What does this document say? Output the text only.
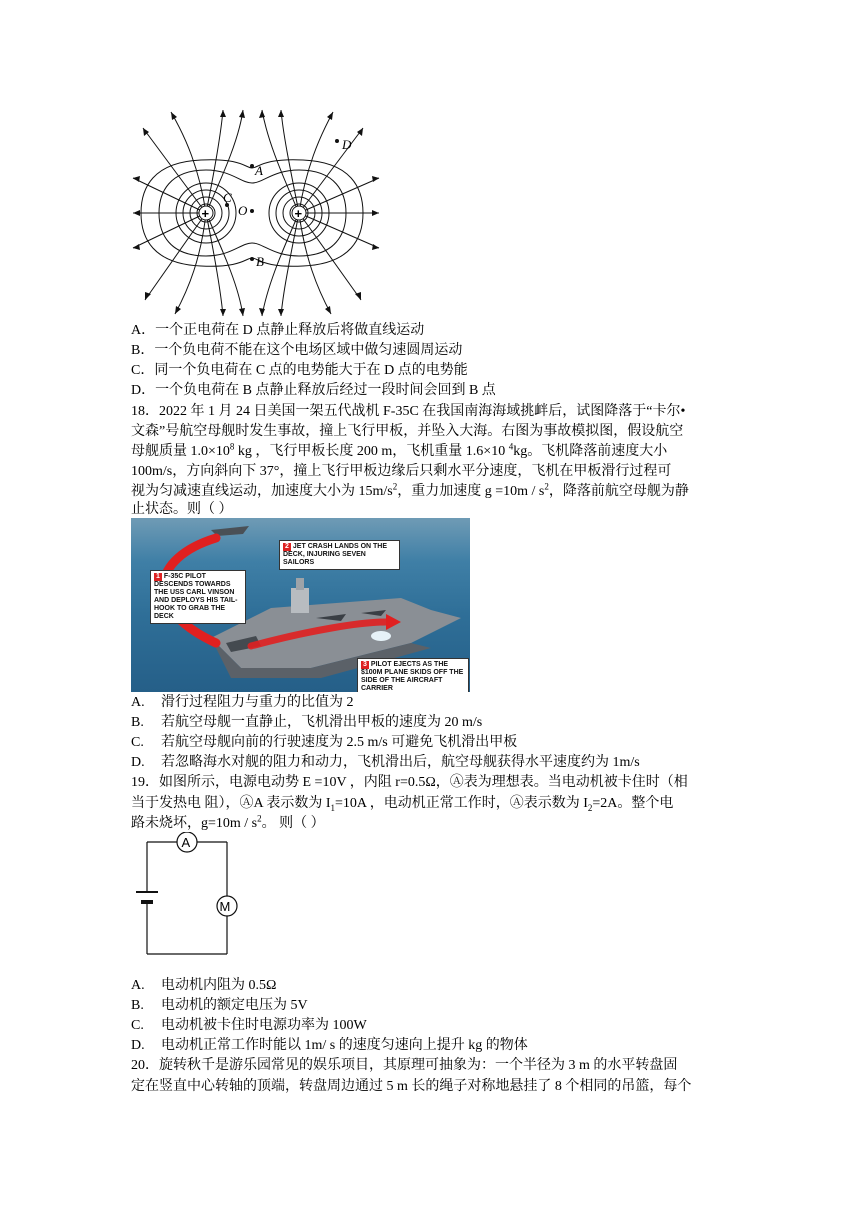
+	+
D
A
C
O
B
A．一个正电荷在 D 点静止释放后将做直线运动
B．一个负电荷不能在这个电场区域中做匀速圆周运动
C．同一个负电荷在 C 点的电势能大于在 D 点的电势能
D．一个负电荷在 B 点静止释放后经过一段时间会回到 B 点
18．2022 年 1 月 24 日美国一架五代战机 F-35C 在我国南海海域挑衅后，试图降落于“卡尔•
文森”号航空母舰时发生事故，撞上飞行甲板，并坠入大海。右图为事故模拟图，假设航空
母舰质量 $1.0\times 10^8$ kg ，飞行甲板长度 200 m，飞机重量 1.6×10 $^4$kg。飞机降落前速度大小
100m/s，方向斜向下 37°，撞上飞行甲板边缘后只剩水平分速度，飞机在甲板滑行过程可
视为匀减速直线运动，加速度大小为 $15m/s^2$，重力加速度 $g =10m / s^2$，降落前航空母舰为静
止状态。则（ ）
1 F-35C PILOT DESCENDS TOWARDS THE USS CARL VINSON AND DEPLOYS HIS TAIL-HOOK TO GRAB THE DECK
2 JET CRASH LANDS ON THE DECK, INJURING SEVEN SAILORS
3 PILOT EJECTS AS THE $100M PLANE SKIDS OFF THE SIDE OF THE AIRCRAFT CARRIER
A. 滑行过程阻力与重力的比值为 2
B. 若航空母舰一直静止，飞机滑出甲板的速度为 20 m/s
C. 若航空母舰向前的行驶速度为 2.5 m/s 可避免飞机滑出甲板
D. 若忽略海水对舰的阻力和动力，飞机滑出后，航空母舰获得水平速度约为 1m/s
19．如图所示，电源电动势 E =10V ，内阻 r=0.5Ω，Ⓐ表为理想表。当电动机被卡住时（相
当于发热电 阻），ⒶA 表示数为 $I_1=10A$ ，电动机正常工作时，Ⓐ表示数为 $I_2=2A$。整个电
路未烧坏，$g=10m / s^2$。 则（ ）
A
M
A. 电动机内阻为 0.5Ω
B. 电动机的额定电压为 5V
C. 电动机被卡住时电源功率为 100W
D. 电动机正常工作时能以 1m/ s 的速度匀速向上提升 kg 的物体
20．旋转秋千是游乐园常见的娱乐项目，其原理可抽象为：一个半径为 3 m 的水平转盘固
定在竖直中心转轴的顶端，转盘周边通过 5 m 长的绳子对称地悬挂了 8 个相同的吊篮，每个
